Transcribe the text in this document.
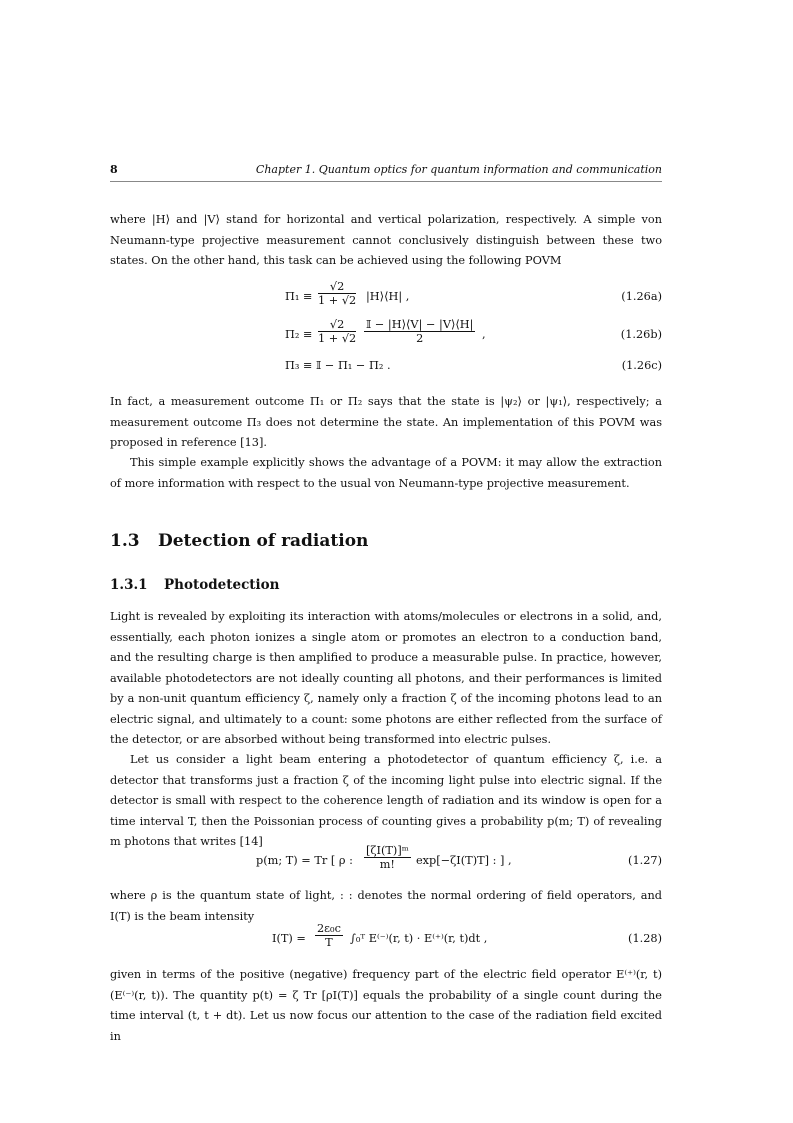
8	Chapter 1. Quantum optics for quantum information and communication
where |H⟩ and |V⟩ stand for horizontal and vertical polarization, respectively. A simple von Neumann-type projective measurement cannot conclusively distinguish between these two states. On the other hand, this task can be achieved using the following POVM
$\Pi_1 \equiv \frac{√2}{1 + √2}$ |H⟩⟨H| ,	(1.26a)
$\Pi_2 \equiv \frac{√2}{1 + √2} \frac{\text{𝕀 − |H⟩⟨V| − |V⟩⟨H|}}{2}$ ,	(1.26b)
Π₃ ≡ 𝕀 − Π₁ − Π₂ .	(1.26c)
In fact, a measurement outcome Π₁ or Π₂ says that the state is |ψ₂⟩ or |ψ₁⟩, respectively; a measurement outcome Π₃ does not determine the state. An implementation of this POVM was proposed in reference [13].
This simple example explicitly shows the advantage of a POVM: it may allow the extraction of more information with respect to the usual von Neumann-type projective measurement.
1.3 Detection of radiation
1.3.1 Photodetection
Light is revealed by exploiting its interaction with atoms/molecules or electrons in a solid, and, essentially, each photon ionizes a single atom or promotes an electron to a conduction band, and the resulting charge is then amplified to produce a measurable pulse. In practice, however, available photodetectors are not ideally counting all photons, and their performances is limited by a non-unit quantum efficiency ζ, namely only a fraction ζ of the incoming photons lead to an electric signal, and ultimately to a count: some photons are either reflected from the surface of the detector, or are absorbed without being transformed into electric pulses.
Let us consider a light beam entering a photodetector of quantum efficiency ζ, i.e. a detector that transforms just a fraction ζ of the incoming light pulse into electric signal. If the detector is small with respect to the coherence length of radiation and its window is open for a time interval T, then the Poissonian process of counting gives a probability p(m; T) of revealing m photons that writes [14]
p(m; T) = Tr [ ρ : $\frac{\text{[ζI(T)]ᵐ}}{m!} \exp[-\zeta I(T)T]$ : ] ,	(1.27)
where ρ is the quantum state of light, : : denotes the normal ordering of field operators, and I(T) is the beam intensity
$I(T) = \frac{\text{2ε₀c}}{T}$ ∫₀ᵀ E⁽⁻⁾(r, t) · E⁽⁺⁾(r, t)dt ,	(1.28)
given in terms of the positive (negative) frequency part of the electric field operator E⁽⁺⁾(r, t) (E⁽⁻⁾(r, t)). The quantity p(t) = ζ Tr [ρI(T)] equals the probability of a single count during the time interval (t, t + dt). Let us now focus our attention to the case of the radiation field excited in
